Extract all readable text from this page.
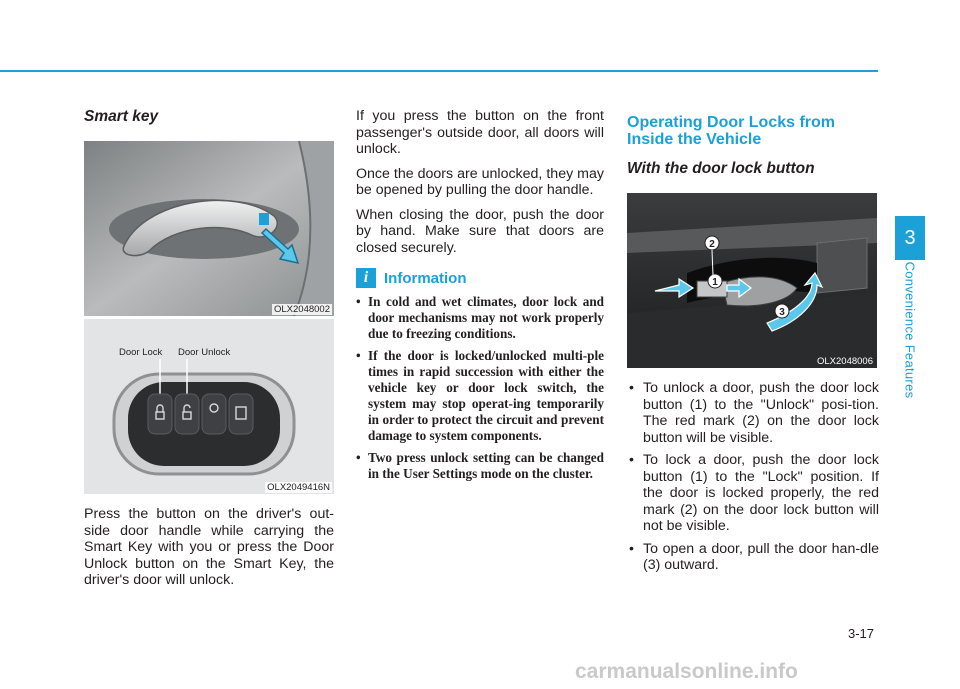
Smart key
OLX2048002
Door Lock Door Unlock
OLX2049416N

Press the button on the driver's out-side door handle while carrying the Smart Key with you or press the Door Unlock button on the Smart Key, the driver's door will unlock.

If you press the button on the front passenger's outside door, all doors will unlock.

Once the doors are unlocked, they may be opened by pulling the door handle.

When closing the door, push the door by hand. Make sure that doors are closed securely.

i	Information
• In cold and wet climates, door lock and door mechanisms may not work properly due to freezing conditions.
• If the door is locked/unlocked multi-ple times in rapid succession with either the vehicle key or door lock switch, the system may stop operat-ing temporarily in order to protect the circuit and prevent damage to system components.
• Two press unlock setting can be changed in the User Settings mode on the cluster.
Operating Door Locks from Inside the Vehicle
With the door lock button
1
2
3
OLX2048006
• To unlock a door, push the door lock button (1) to the "Unlock" posi-tion. The red mark (2) on the door lock button will be visible.
• To lock a door, push the door lock button (1) to the "Lock" position. If the door is locked properly, the red mark (2) on the door lock button will not be visible.
• To open a door, pull the door han-dle (3) outward.
3
Convenience Features
3-17
carmanualsonline.info
